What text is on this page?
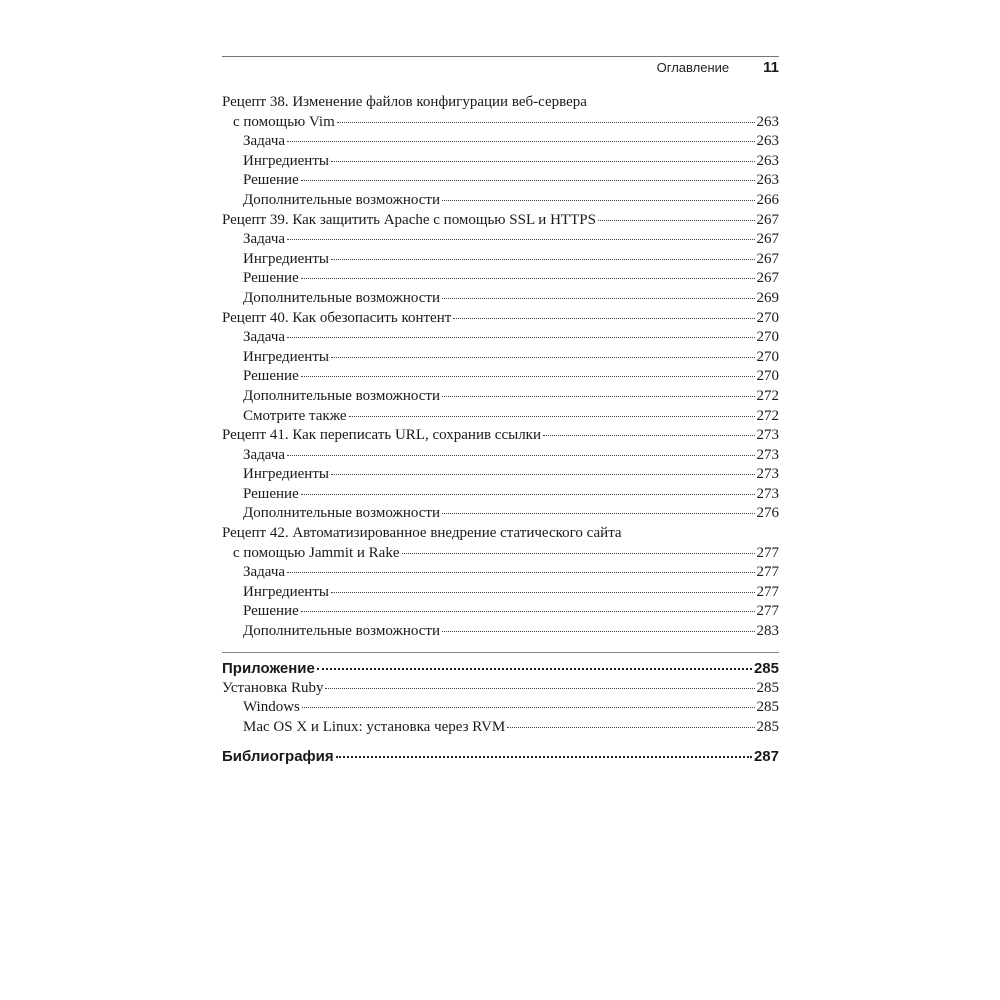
Оглавление 11
Рецепт 38. Изменение файлов конфигурации веб-сервера
с помощью Vim	263
Задача	263
Ингредиенты	263
Решение	263
Дополнительные возможности	266
Рецепт 39. Как защитить Apache с помощью SSL и HTTPS	267
Задача	267
Ингредиенты	267
Решение	267
Дополнительные возможности	269
Рецепт 40. Как обезопасить контент	270
Задача	270
Ингредиенты	270
Решение	270
Дополнительные возможности	272
Смотрите также	272
Рецепт 41. Как переписать URL, сохранив ссылки	273
Задача	273
Ингредиенты	273
Решение	273
Дополнительные возможности	276
Рецепт 42. Автоматизированное внедрение статического сайта
с помощью Jammit и Rake	277
Задача	277
Ингредиенты	277
Решение	277
Дополнительные возможности	283
Приложение	285
Установка Ruby	285
Windows	285
Mac OS X и Linux: установка через RVM	285
Библиография	287
